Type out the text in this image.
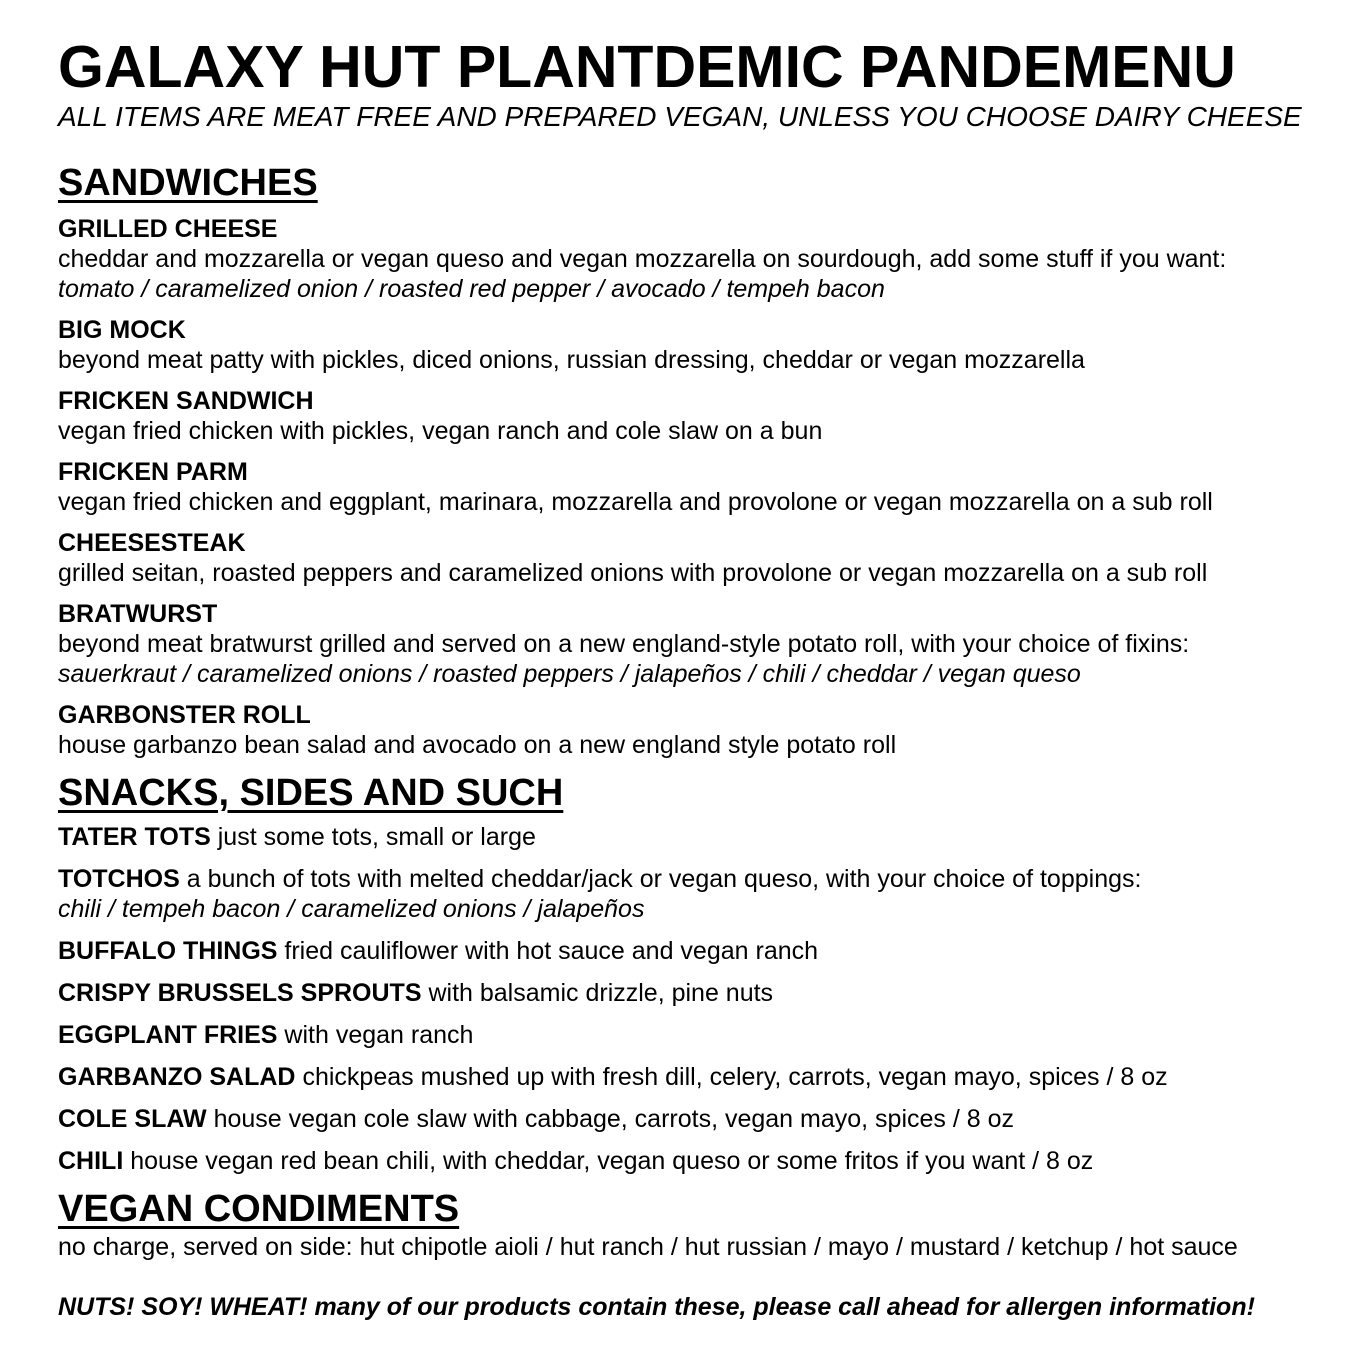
GALAXY HUT PLANTDEMIC PANDEMENU

ALL ITEMS ARE MEAT FREE AND PREPARED VEGAN, UNLESS YOU CHOOSE DAIRY CHEESE

SANDWICHES
GRILLED CHEESE
cheddar and mozzarella or vegan queso and vegan mozzarella on sourdough, add some stuff if you want:
tomato / caramelized onion / roasted red pepper / avocado / tempeh bacon
BIG MOCK
beyond meat patty with pickles, diced onions, russian dressing, cheddar or vegan mozzarella
FRICKEN SANDWICH
vegan fried chicken with pickles, vegan ranch and cole slaw on a bun
FRICKEN PARM
vegan fried chicken and eggplant, marinara, mozzarella and provolone or vegan mozzarella on a sub roll
CHEESESTEAK
grilled seitan, roasted peppers and caramelized onions with provolone or vegan mozzarella on a sub roll
BRATWURST
beyond meat bratwurst grilled and served on a new england-style potato roll, with your choice of fixins:
sauerkraut / caramelized onions / roasted peppers / jalapeños / chili / cheddar / vegan queso
GARBONSTER ROLL
house garbanzo bean salad and avocado on a new england style potato roll
SNACKS, SIDES AND SUCH

TATER TOTS just some tots, small or large

TOTCHOS a bunch of tots with melted cheddar/jack or vegan queso, with your choice of toppings:

chili / tempeh bacon / caramelized onions / jalapeños

BUFFALO THINGS fried cauliflower with hot sauce and vegan ranch

CRISPY BRUSSELS SPROUTS with balsamic drizzle, pine nuts

EGGPLANT FRIES with vegan ranch

GARBANZO SALAD chickpeas mushed up with fresh dill, celery, carrots, vegan mayo, spices / 8 oz

COLE SLAW house vegan cole slaw with cabbage, carrots, vegan mayo, spices / 8 oz

CHILI house vegan red bean chili, with cheddar, vegan queso or some fritos if you want / 8 oz

VEGAN CONDIMENTS

no charge, served on side: hut chipotle aioli / hut ranch / hut russian / mayo / mustard / ketchup / hot sauce

NUTS! SOY! WHEAT! many of our products contain these, please call ahead for allergen information!
